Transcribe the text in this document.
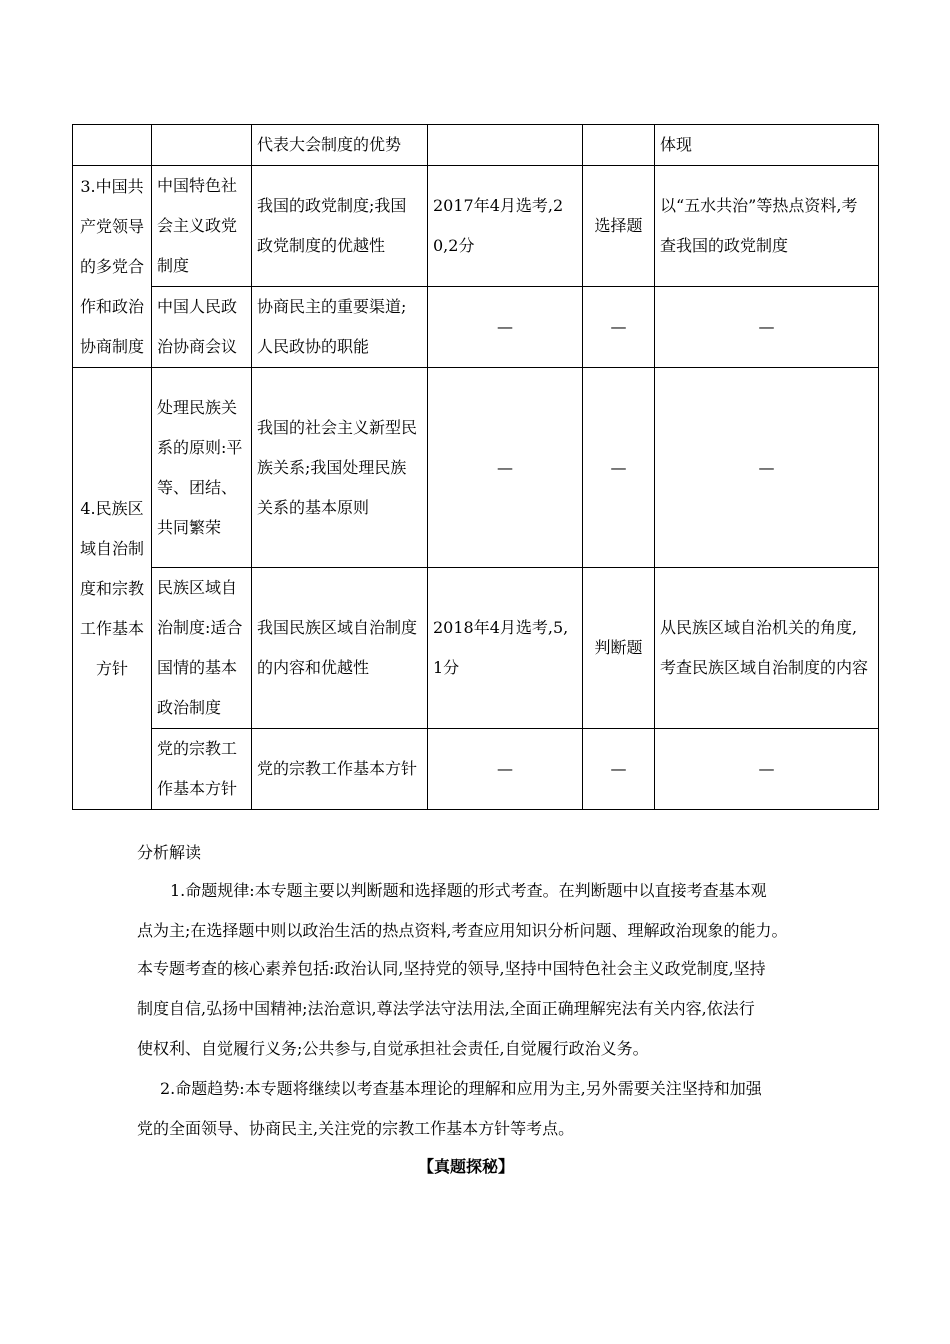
		代表大会制度的优势			体现
3.中国共产党领导的多党合作和政治协商制度	中国特色社会主义政党制度	我国的政党制度;我国政党制度的优越性	2017年4月选考,20,2分	选择题	以“五水共治”等热点资料,考查我国的政党制度
	中国人民政治协商会议	协商民主的重要渠道;人民政协的职能	—	—	—
4.民族区域自治制度和宗教工作基本方针	处理民族关系的原则:平等、团结、共同繁荣	我国的社会主义新型民族关系;我国处理民族关系的基本原则	—	—	—
	民族区域自治制度:适合国情的基本政治制度	我国民族区域自治制度的内容和优越性	2018年4月选考,5,1分	判断题	从民族区域自治机关的角度,考查民族区域自治制度的内容
	党的宗教工作基本方针	党的宗教工作基本方针	—	—	—
分析解读
1.命题规律:本专题主要以判断题和选择题的形式考查。在判断题中以直接考查基本观
点为主;在选择题中则以政治生活的热点资料,考查应用知识分析问题、理解政治现象的能力。
本专题考查的核心素养包括:政治认同,坚持党的领导,坚持中国特色社会主义政党制度,坚持
制度自信,弘扬中国精神;法治意识,尊法学法守法用法,全面正确理解宪法有关内容,依法行
使权利、自觉履行义务;公共参与,自觉承担社会责任,自觉履行政治义务。
2.命题趋势:本专题将继续以考查基本理论的理解和应用为主,另外需要关注坚持和加强
党的全面领导、协商民主,关注党的宗教工作基本方针等考点。
【真题探秘】
